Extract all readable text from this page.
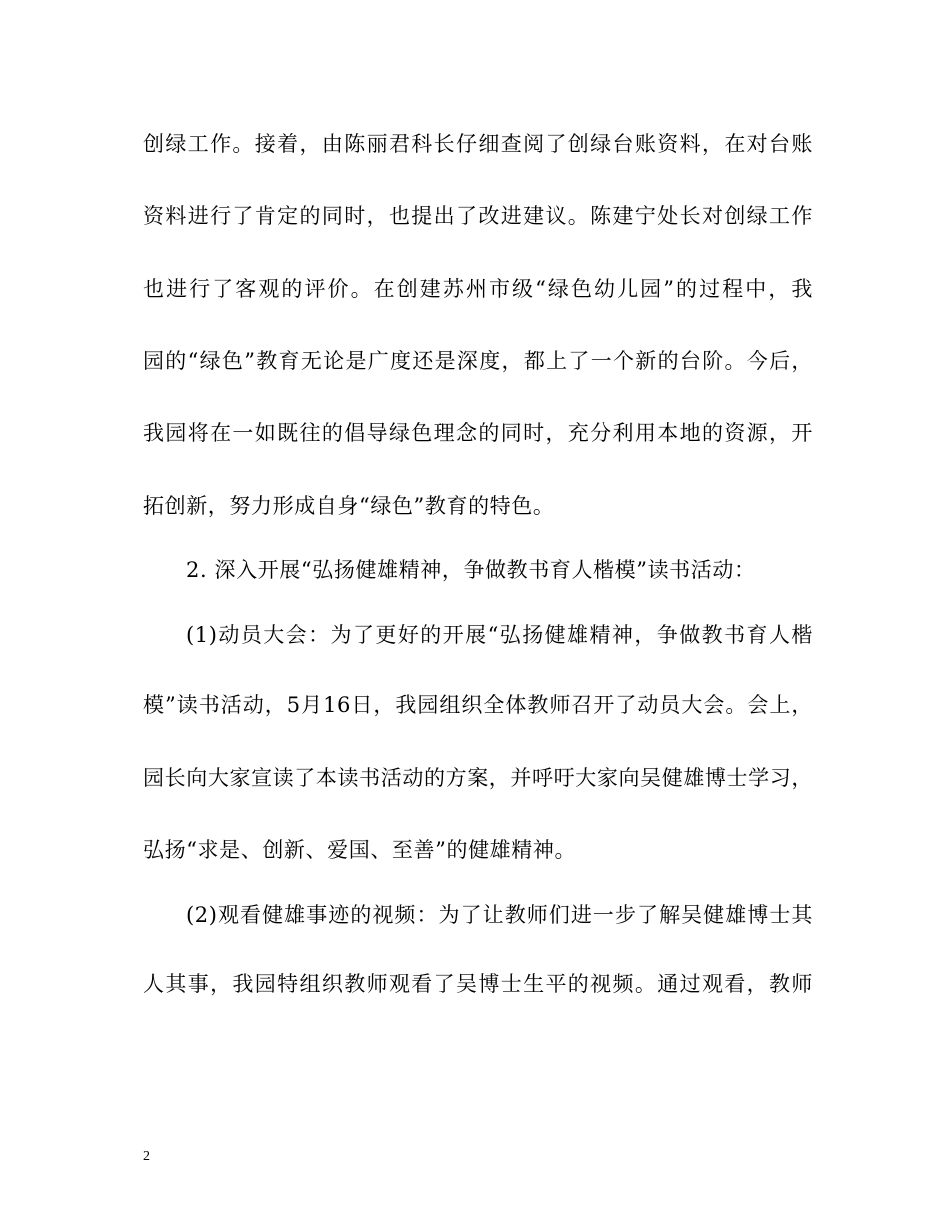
创绿工作。接着，由陈丽君科长仔细查阅了创绿台账资料，在对台账
资料进行了肯定的同时，也提出了改进建议。陈建宁处长对创绿工作
也进行了客观的评价。在创建苏州市级“绿色幼儿园”的过程中，我
园的“绿色”教育无论是广度还是深度，都上了一个新的台阶。今后，
我园将在一如既往的倡导绿色理念的同时，充分利用本地的资源，开
拓创新，努力形成自身“绿色”教育的特色。
2. 深入开展“弘扬健雄精神，争做教书育人楷模”读书活动：
(1)动员大会：为了更好的开展“弘扬健雄精神，争做教书育人楷
模”读书活动，5月16日，我园组织全体教师召开了动员大会。会上，
园长向大家宣读了本读书活动的方案，并呼吁大家向吴健雄博士学习，
弘扬“求是、创新、爱国、至善”的健雄精神。
(2)观看健雄事迹的视频：为了让教师们进一步了解吴健雄博士其
人其事，我园特组织教师观看了吴博士生平的视频。通过观看，教师
2
